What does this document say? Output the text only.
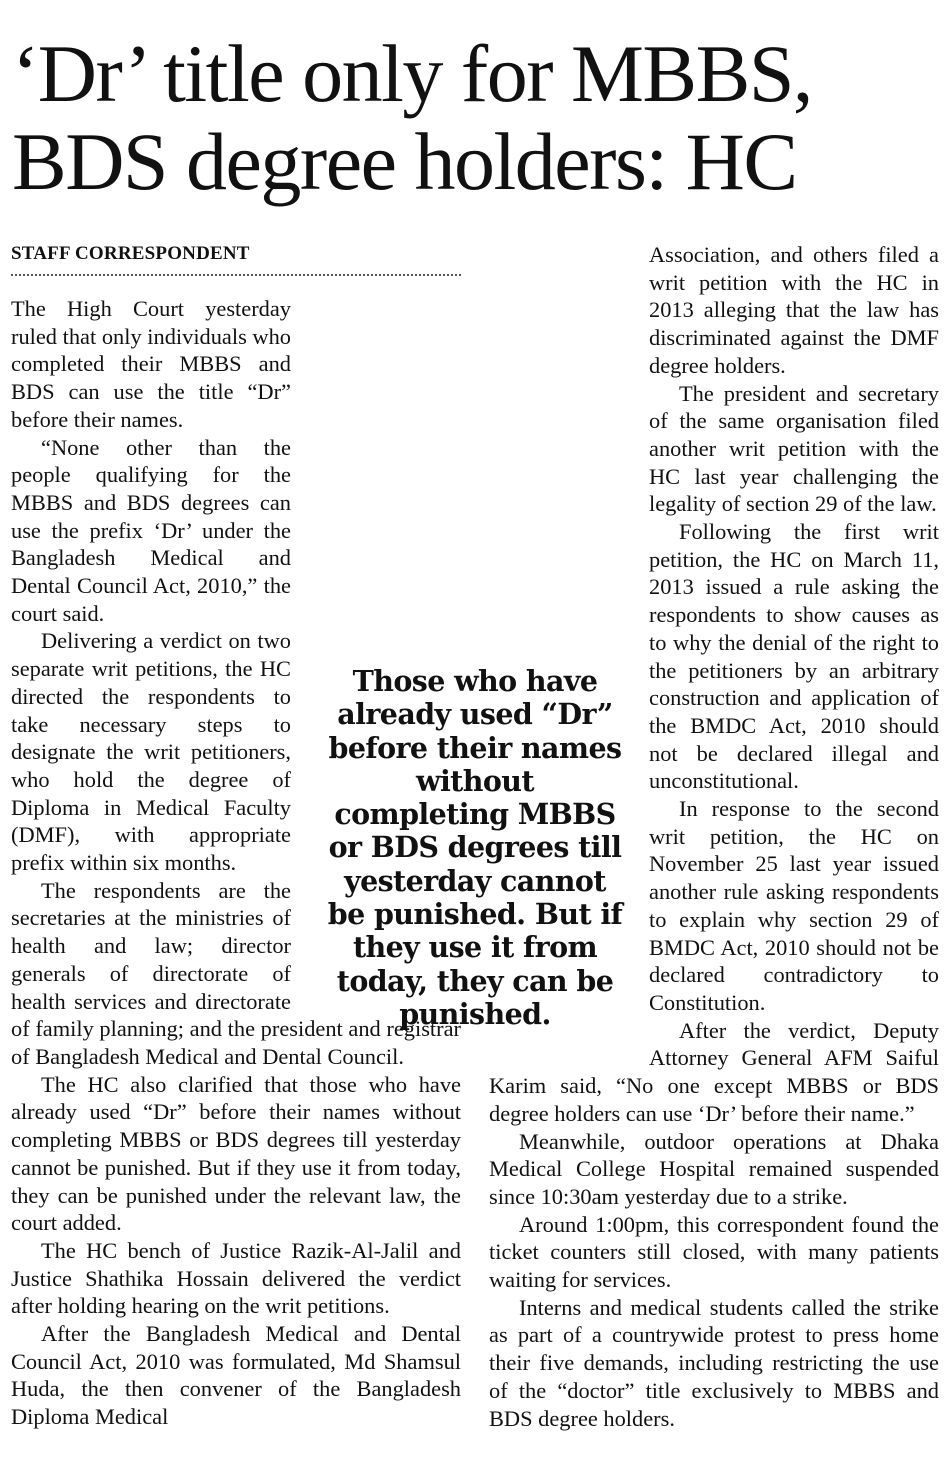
‘Dr’ title only for MBBS,
BDS degree holders: HC
STAFF CORRESPONDENT

The High Court yesterday ruled that only individuals who completed their MBBS and BDS can use the title “Dr” before their names.

“None other than the people qualifying for the MBBS and BDS degrees can use the prefix ‘Dr’ under the Bangladesh Medical and Dental Council Act, 2010,” the court said.

Delivering a verdict on two separate writ petitions, the HC directed the respondents to take necessary steps to designate the writ petitioners, who hold the degree of Diploma in Medical Faculty (DMF), with appropriate prefix within six months.

The respondents are the secretaries at the ministries of health and law; director generals of directorate of health services and directorate of family planning; and the president and registrar of Bangladesh Medical and Dental Council.

The HC also clarified that those who have already used “Dr” before their names without completing MBBS or BDS degrees till yesterday cannot be punished. But if they use it from today, they can be punished under the relevant law, the court added.

The HC bench of Justice Razik-Al-Jalil and Justice Shathika Hossain delivered the verdict after holding hearing on the writ petitions.

After the Bangladesh Medical and Dental Council Act, 2010 was formulated, Md Shamsul Huda, the then convener of the Bangladesh Diploma Medical

Association, and others filed a writ petition with the HC in 2013 alleging that the law has discriminated against the DMF degree holders.

The president and secretary of the same organisation filed another writ petition with the HC last year challenging the legality of section 29 of the law.

Following the first writ petition, the HC on March 11, 2013 issued a rule asking the respondents to show causes as to why the denial of the right to the petitioners by an arbitrary construction and application of the BMDC Act, 2010 should not be declared illegal and unconstitutional.

In response to the second writ petition, the HC on November 25 last year issued another rule asking respondents to explain why section 29 of BMDC Act, 2010 should not be declared contradictory to Constitution.

After the verdict, Deputy Attorney General AFM Saiful Karim said, “No one except MBBS or BDS degree holders can use ‘Dr’ before their name.”

Meanwhile, outdoor operations at Dhaka Medical College Hospital remained suspended since 10:30am yesterday due to a strike.

Around 1:00pm, this correspondent found the ticket counters still closed, with many patients waiting for services.

Interns and medical students called the strike as part of a countrywide protest to press home their five demands, including restricting the use of the “doctor” title exclusively to MBBS and BDS degree holders.

Those who have already used “Dr” before their names without completing MBBS or BDS degrees till yesterday cannot be punished. But if they use it from today, they can be punished.
